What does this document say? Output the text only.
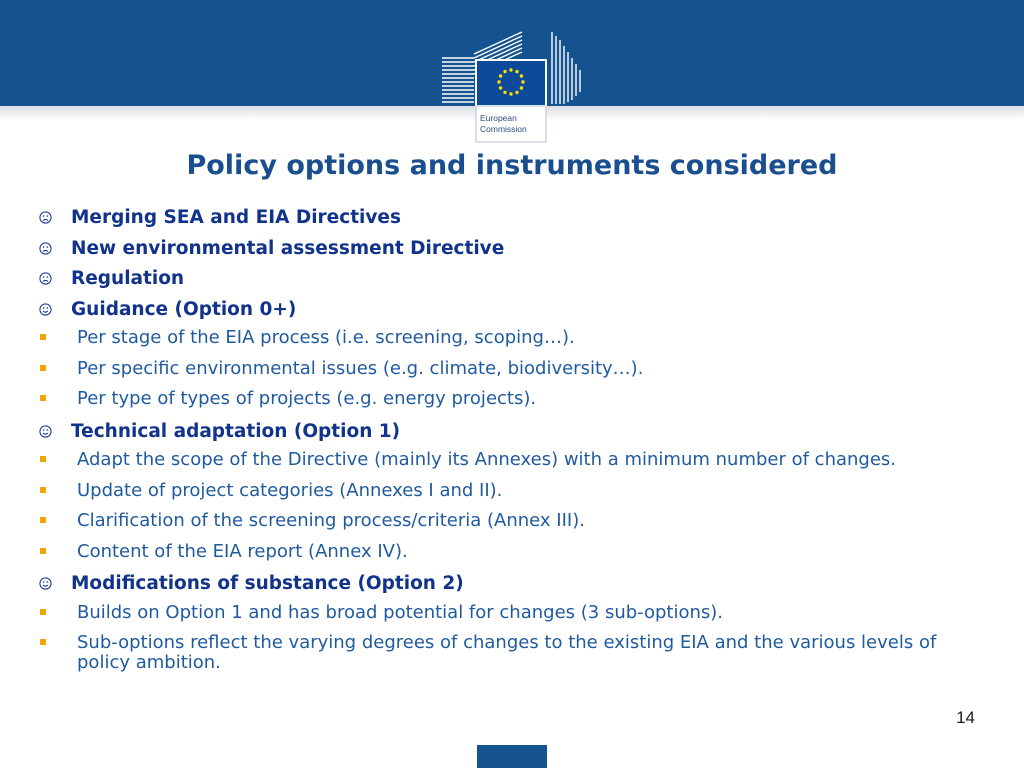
European Commission
Policy options and instruments considered
Merging SEA and EIA Directives
New environmental assessment Directive
Regulation
Guidance (Option 0+)
Per stage of the EIA process (i.e. screening, scoping…).
Per specific environmental issues (e.g. climate, biodiversity…).
Per type of types of projects (e.g. energy projects).
Technical adaptation (Option 1)
Adapt the scope of the Directive (mainly its Annexes) with a minimum number of changes.
Update of project categories (Annexes I and II).
Clarification of the screening process/criteria (Annex III).
Content of the EIA report (Annex IV).
Modifications of substance (Option 2)
Builds on Option 1 and has broad potential for changes (3 sub-options).
Sub-options reflect the varying degrees of changes to the existing EIA and the various levels of policy ambition.
14
